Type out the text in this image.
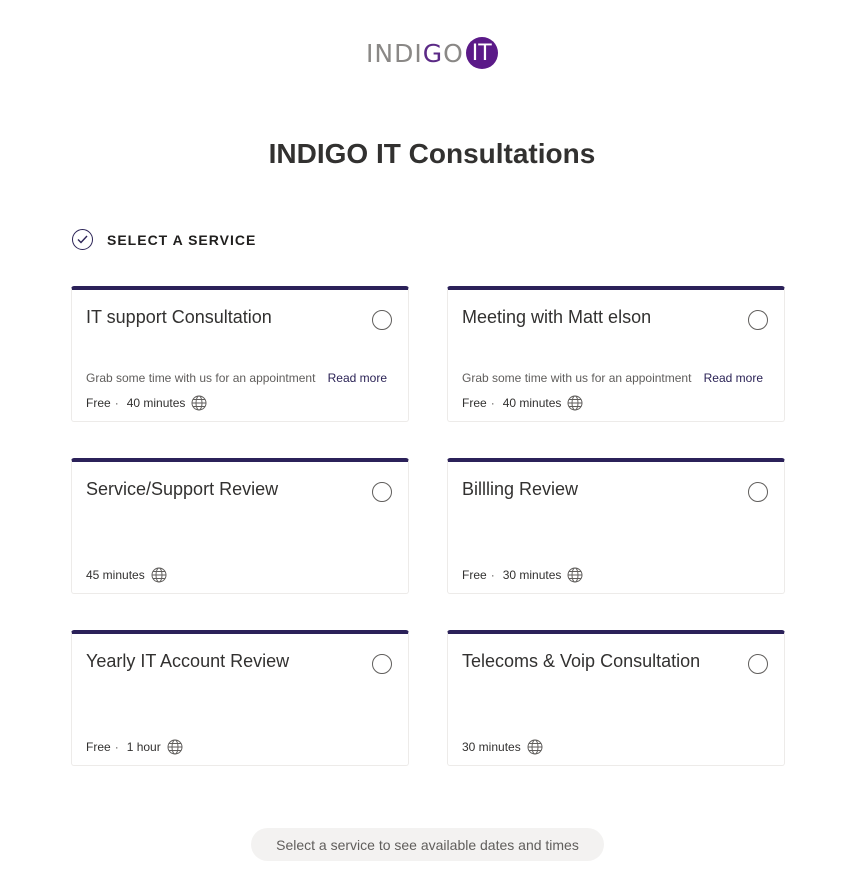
INDIGO IT
INDIGO IT Consultations
SELECT A SERVICE
IT support Consultation
Grab some time with us for an appointment Read more
Free · 40 minutes
Meeting with Matt elson
Grab some time with us for an appointment Read more
Free · 40 minutes
Service/Support Review
45 minutes
Billling Review
Free · 30 minutes
Yearly IT Account Review
Free · 1 hour
Telecoms & Voip Consultation
30 minutes
Select a service to see available dates and times
